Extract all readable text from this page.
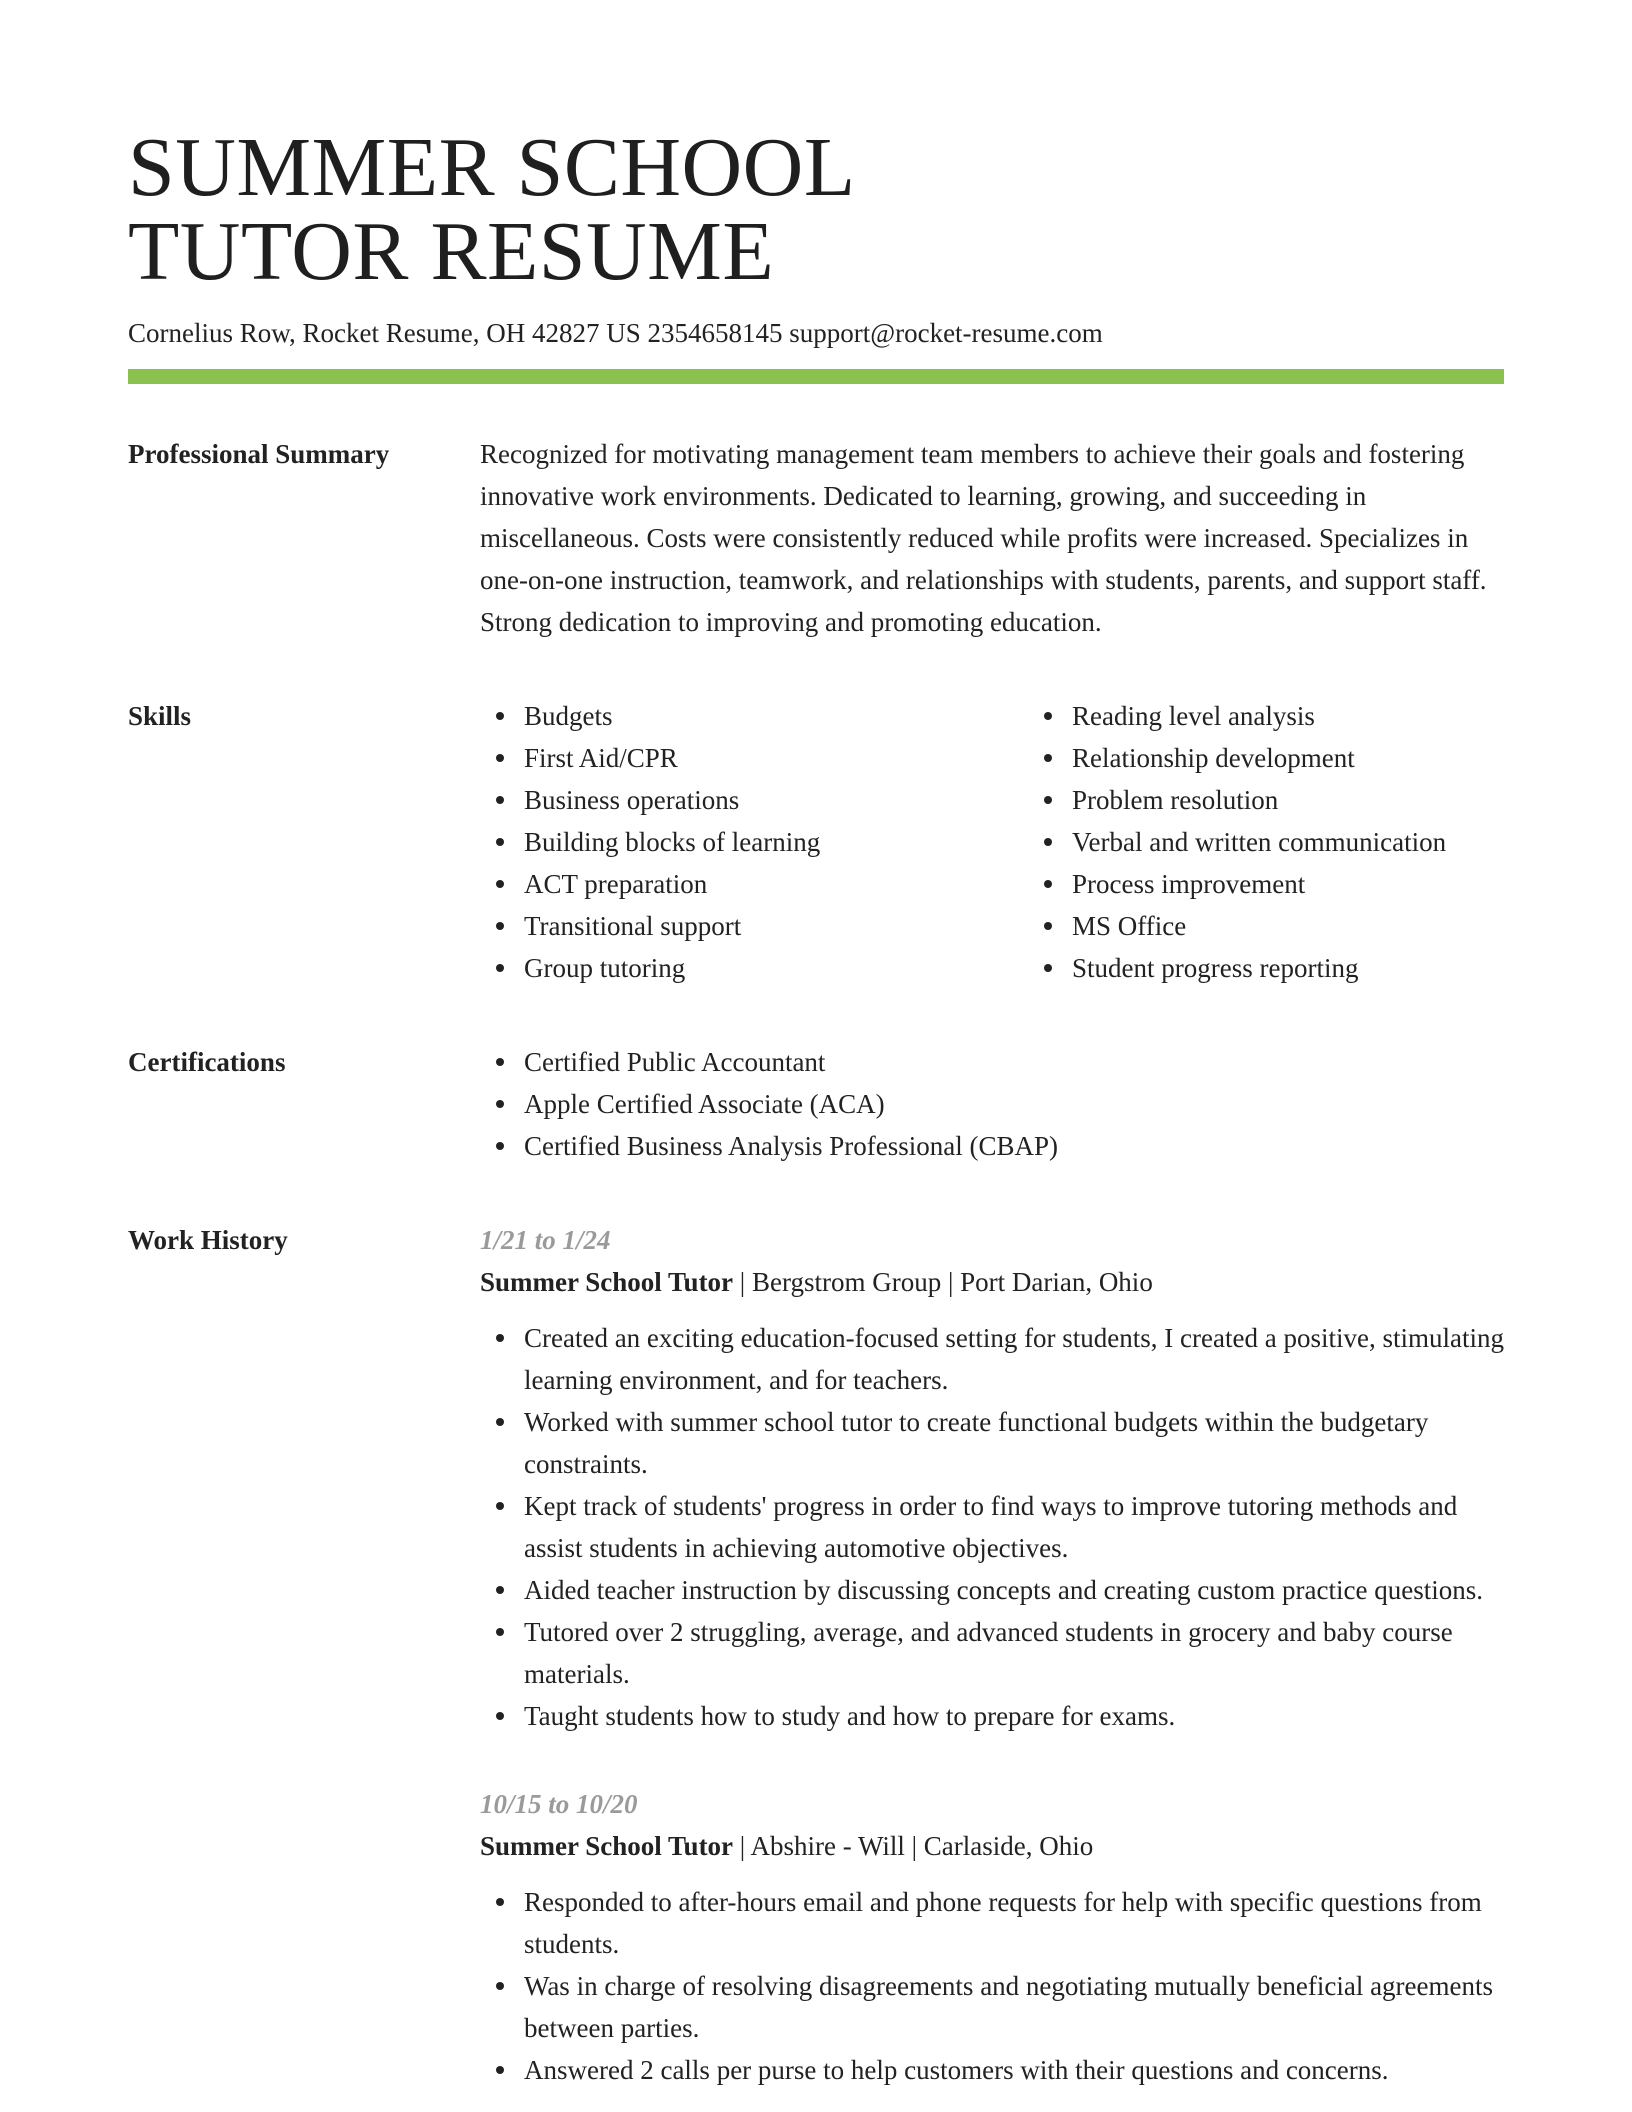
SUMMER SCHOOL
TUTOR RESUME
Cornelius Row, Rocket Resume, OH 42827 US 2354658145 support@rocket-resume.com
Professional Summary	Recognized for motivating management team members to achieve their goals and fostering innovative work environments. Dedicated to learning, growing, and succeeding in miscellaneous. Costs were consistently reduced while profits were increased. Specializes in one-on-one instruction, teamwork, and relationships with students, parents, and support staff. Strong dedication to improving and promoting education.

Skills	Budgets
First Aid/CPR
Business operations
Building blocks of learning
ACT preparation
Transitional support
Group tutoring
Reading level analysis
Relationship development
Problem resolution
Verbal and written communication
Process improvement
MS Office
Student progress reporting
Certifications	Certified Public Accountant
Apple Certified Associate (ACA)
Certified Business Analysis Professional (CBAP)
Work History	1/21 to 1/24
Summer School Tutor | Bergstrom Group | Port Darian, Ohio
Created an exciting education-focused setting for students, I created a positive, stimulating learning environment, and for teachers.
Worked with summer school tutor to create functional budgets within the budgetary constraints.
Kept track of students' progress in order to find ways to improve tutoring methods and assist students in achieving automotive objectives.
Aided teacher instruction by discussing concepts and creating custom practice questions.
Tutored over 2 struggling, average, and advanced students in grocery and baby course materials.
Taught students how to study and how to prepare for exams.
10/15 to 10/20
Summer School Tutor | Abshire - Will | Carlaside, Ohio
Responded to after-hours email and phone requests for help with specific questions from students.
Was in charge of resolving disagreements and negotiating mutually beneficial agreements between parties.
Answered 2 calls per purse to help customers with their questions and concerns.
